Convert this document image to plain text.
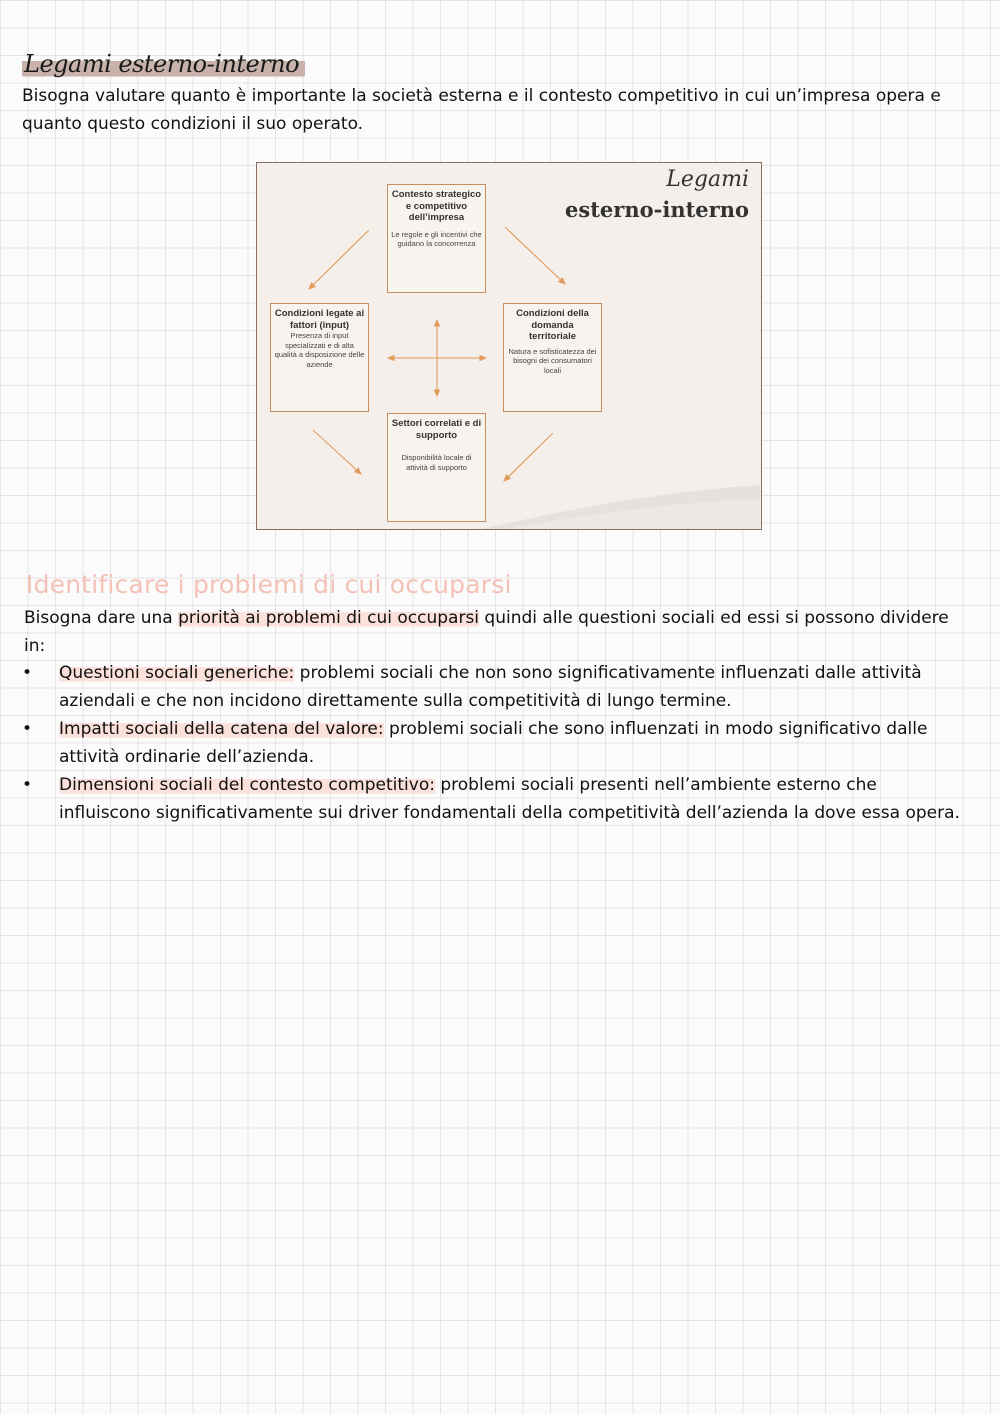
Legami esterno-interno

Bisogna valutare quanto è importante la società esterna e il contesto competitivo in cui un’impresa opera e quanto questo condizioni il suo operato.

Legami
esterno-interno
Contesto strategico e competitivo dell’impresa
Le regole e gli incentivi che guidano la concorrenza
Condizioni legate ai fattori (input)
Presenza di input specializzati e di alta qualità a disposizione delle aziende
Condizioni della domanda territoriale
Natura e sofisticatezza dei bisogni dei consumatori locali
Settori correlati e di supporto
Disponibilità locale di attività di supporto
Identificare i problemi di cui occuparsi

Bisogna dare una priorità ai problemi di cui occuparsi quindi alle questioni sociali ed essi si possono dividere in:

• Questioni sociali generiche: problemi sociali che non sono significativamente influenzati dalle attività aziendali e che non incidono direttamente sulla competitività di lungo termine.
• Impatti sociali della catena del valore: problemi sociali che sono influenzati in modo significativo dalle attività ordinarie dell’azienda.
• Dimensioni sociali del contesto competitivo: problemi sociali presenti nell’ambiente esterno che influiscono significativamente sui driver fondamentali della competitività dell’azienda la dove essa opera.
